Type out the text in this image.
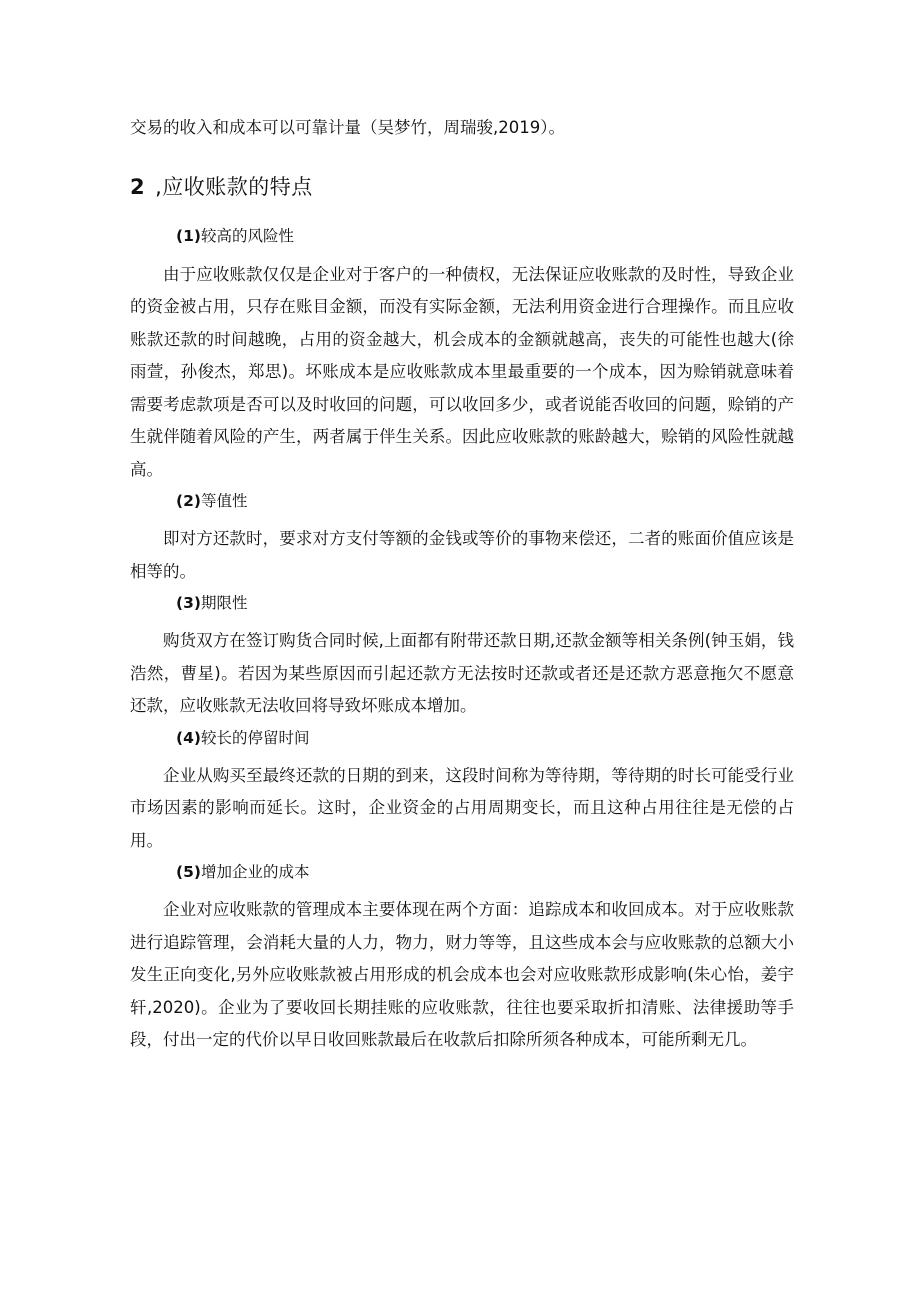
交易的收入和成本可以可靠计量（吴梦竹，周瑞骏,2019）。

2 ,应收账款的特点
(1)较高的风险性

由于应收账款仅仅是企业对于客户的一种债权，无法保证应收账款的及时性，导致企业的资金被占用，只存在账目金额，而没有实际金额，无法利用资金进行合理操作。而且应收账款还款的时间越晚，占用的资金越大，机会成本的金额就越高，丧失的可能性也越大(徐雨萱，孙俊杰，郑思)。坏账成本是应收账款成本里最重要的一个成本，因为赊销就意味着需要考虑款项是否可以及时收回的问题，可以收回多少，或者说能否收回的问题，赊销的产生就伴随着风险的产生，两者属于伴生关系。因此应收账款的账龄越大，赊销的风险性就越高。

(2)等值性

即对方还款时，要求对方支付等额的金钱或等价的事物来偿还，二者的账面价值应该是相等的。

(3)期限性

购货双方在签订购货合同时候,上面都有附带还款日期,还款金额等相关条例(钟玉娟，钱浩然，曹星)。若因为某些原因而引起还款方无法按时还款或者还是还款方恶意拖欠不愿意还款，应收账款无法收回将导致坏账成本增加。

(4)较长的停留时间

企业从购买至最终还款的日期的到来，这段时间称为等待期，等待期的时长可能受行业市场因素的影响而延长。这时，企业资金的占用周期变长，而且这种占用往往是无偿的占用。

(5)增加企业的成本

企业对应收账款的管理成本主要体现在两个方面：追踪成本和收回成本。对于应收账款进行追踪管理，会消耗大量的人力，物力，财力等等，且这些成本会与应收账款的总额大小发生正向变化,另外应收账款被占用形成的机会成本也会对应收账款形成影响(朱心怡，姜宇轩,2020)。企业为了要收回长期挂账的应收账款，往往也要采取折扣清账、法律援助等手段，付出一定的代价以早日收回账款最后在收款后扣除所须各种成本，可能所剩无几。
